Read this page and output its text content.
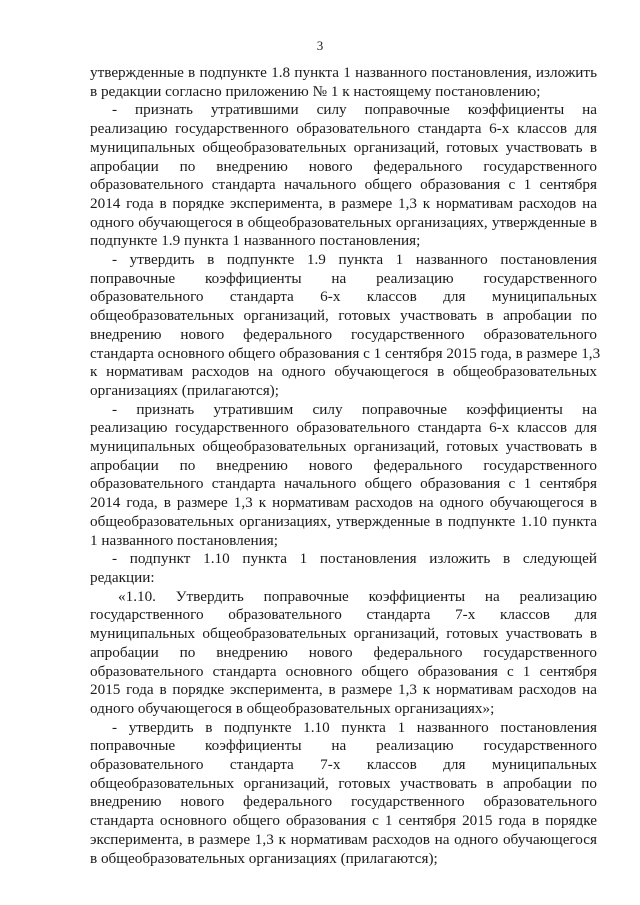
3
утвержденные в подпункте 1.8 пункта 1 названного постановления, изложить
в редакции согласно приложению № 1 к настоящему постановлению;
- признать утратившими силу поправочные коэффициенты на
реализацию государственного образовательного стандарта 6-х классов для
муниципальных общеобразовательных организаций, готовых участвовать в
апробации по внедрению нового федерального государственного
образовательного стандарта начального общего образования с 1 сентября
2014 года в порядке эксперимента, в размере 1,3 к нормативам расходов на
одного обучающегося в общеобразовательных организациях, утвержденные в
подпункте 1.9 пункта 1 названного постановления;
- утвердить в подпункте 1.9 пункта 1 названного постановления
поправочные коэффициенты на реализацию государственного
образовательного стандарта 6-х классов для муниципальных
общеобразовательных организаций, готовых участвовать в апробации по
внедрению нового федерального государственного образовательного
стандарта основного общего образования с 1 сентября 2015 года, в размере 1,3
к нормативам расходов на одного обучающегося в общеобразовательных
организациях (прилагаются);
- признать утратившим силу поправочные коэффициенты на
реализацию государственного образовательного стандарта 6-х классов для
муниципальных общеобразовательных организаций, готовых участвовать в
апробации по внедрению нового федерального государственного
образовательного стандарта начального общего образования с 1 сентября
2014 года, в размере 1,3 к нормативам расходов на одного обучающегося в
общеобразовательных организациях, утвержденные в подпункте 1.10 пункта
1 названного постановления;
- подпункт 1.10 пункта 1 постановления изложить в следующей
редакции:
«1.10. Утвердить поправочные коэффициенты на реализацию
государственного образовательного стандарта 7-х классов для
муниципальных общеобразовательных организаций, готовых участвовать в
апробации по внедрению нового федерального государственного
образовательного стандарта основного общего образования с 1 сентября
2015 года в порядке эксперимента, в размере 1,3 к нормативам расходов на
одного обучающегося в общеобразовательных организациях»;
- утвердить в подпункте 1.10 пункта 1 названного постановления
поправочные коэффициенты на реализацию государственного
образовательного стандарта 7-х классов для муниципальных
общеобразовательных организаций, готовых участвовать в апробации по
внедрению нового федерального государственного образовательного
стандарта основного общего образования с 1 сентября 2015 года в порядке
эксперимента, в размере 1,3 к нормативам расходов на одного обучающегося
в общеобразовательных организациях (прилагаются);
